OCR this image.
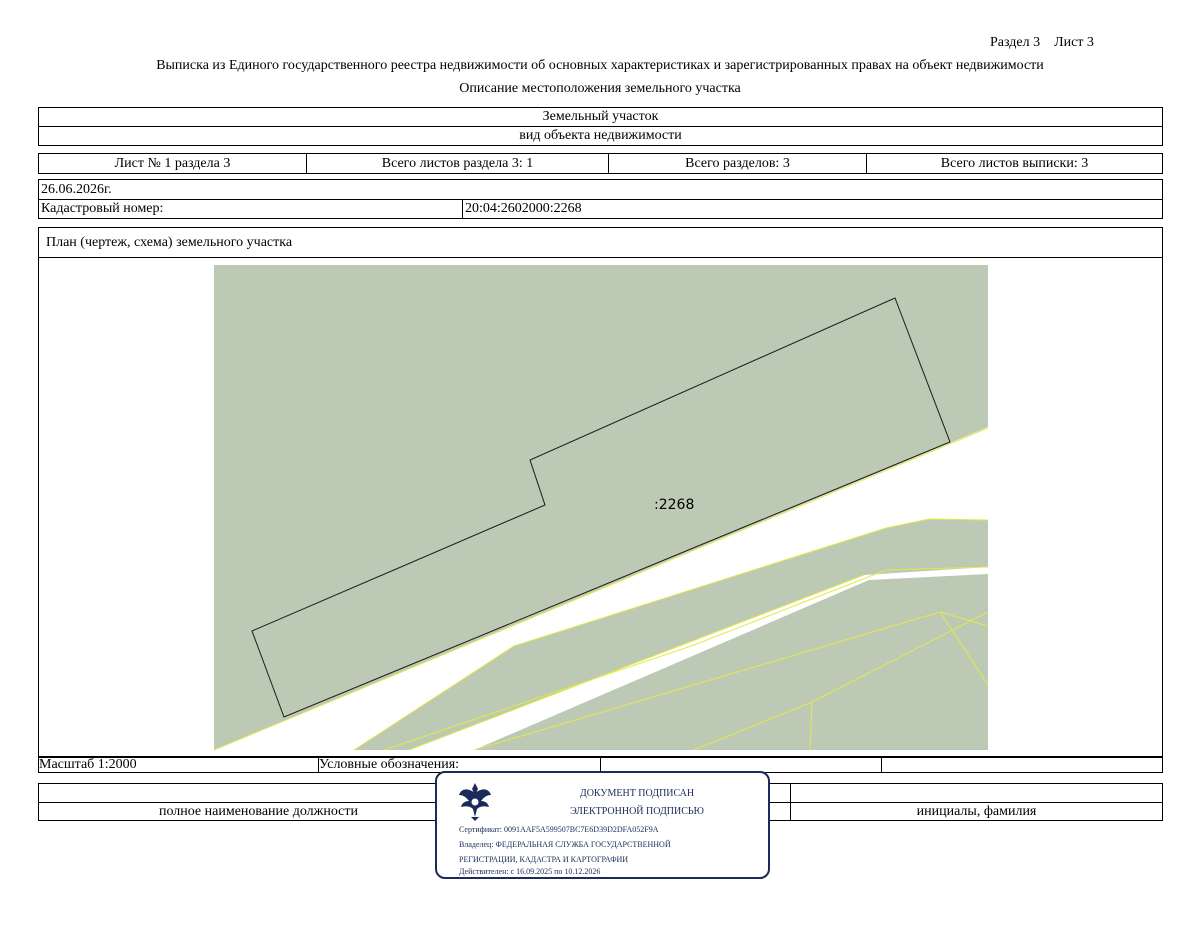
Раздел 3 Лист 3
Выписка из Единого государственного реестра недвижимости об основных характеристиках и зарегистрированных правах на объект недвижимости
Описание местоположения земельного участка
Земельный участок
вид объекта недвижимости
Лист № 1 раздела 3	Всего листов раздела 3: 1	Всего разделов: 3	Всего листов выписки: 3
26.06.2026г.
Кадастровый номер:	20:04:2602000:2268
План (чертеж, схема) земельного участка
:2268
Масштаб 1:2000	Условные обозначения:
полное наименование должности	инициалы, фамилия
ДОКУМЕНТ ПОДПИСАН
ЭЛЕКТРОННОЙ ПОДПИСЬЮ
Сертификат: 0091AAF5A599507BC7E6D39D2DFA052F9A
Владелец: ФЕДЕРАЛЬНАЯ СЛУЖБА ГОСУДАРСТВЕННОЙ
РЕГИСТРАЦИИ, КАДАСТРА И КАРТОГРАФИИ
Действителен: с 16.09.2025 по 10.12.2026
